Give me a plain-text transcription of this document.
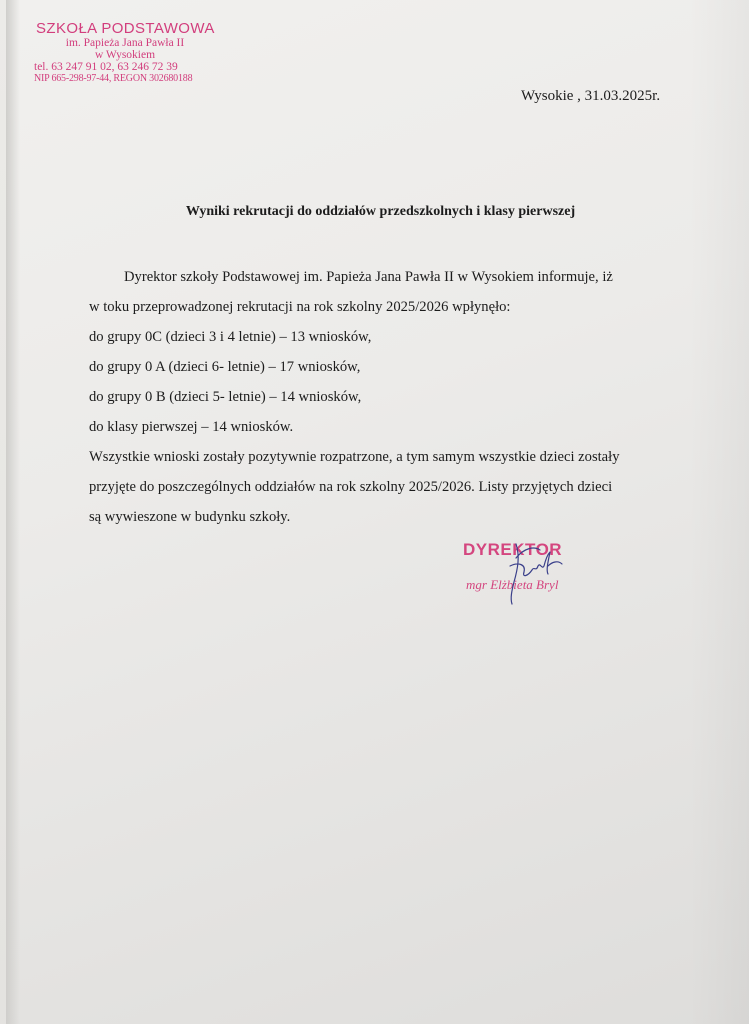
SZKOŁA PODSTAWOWA
im. Papieża Jana Pawła II
w Wysokiem
tel. 63 247 91 02, 63 246 72 39
NIP 665-298-97-44, REGON 302680188
Wysokie , 31.03.2025r.
Wyniki rekrutacji do oddziałów przedszkolnych i klasy pierwszej
Dyrektor szkoły Podstawowej im. Papieża Jana Pawła II w Wysokiem informuje, iż
w toku przeprowadzonej rekrutacji na rok szkolny 2025/2026 wpłynęło:
do grupy 0C (dzieci 3 i 4 letnie) – 13 wniosków,
do grupy 0 A (dzieci 6- letnie) – 17 wniosków,
do grupy 0 B (dzieci 5- letnie) – 14 wniosków,
do klasy pierwszej – 14 wniosków.
Wszystkie wnioski zostały pozytywnie rozpatrzone, a tym samym wszystkie dzieci zostały
przyjęte do poszczególnych oddziałów na rok szkolny 2025/2026. Listy przyjętych dzieci
są wywieszone w budynku szkoły.
DYREKTOR
mgr Elżbieta Bryl
